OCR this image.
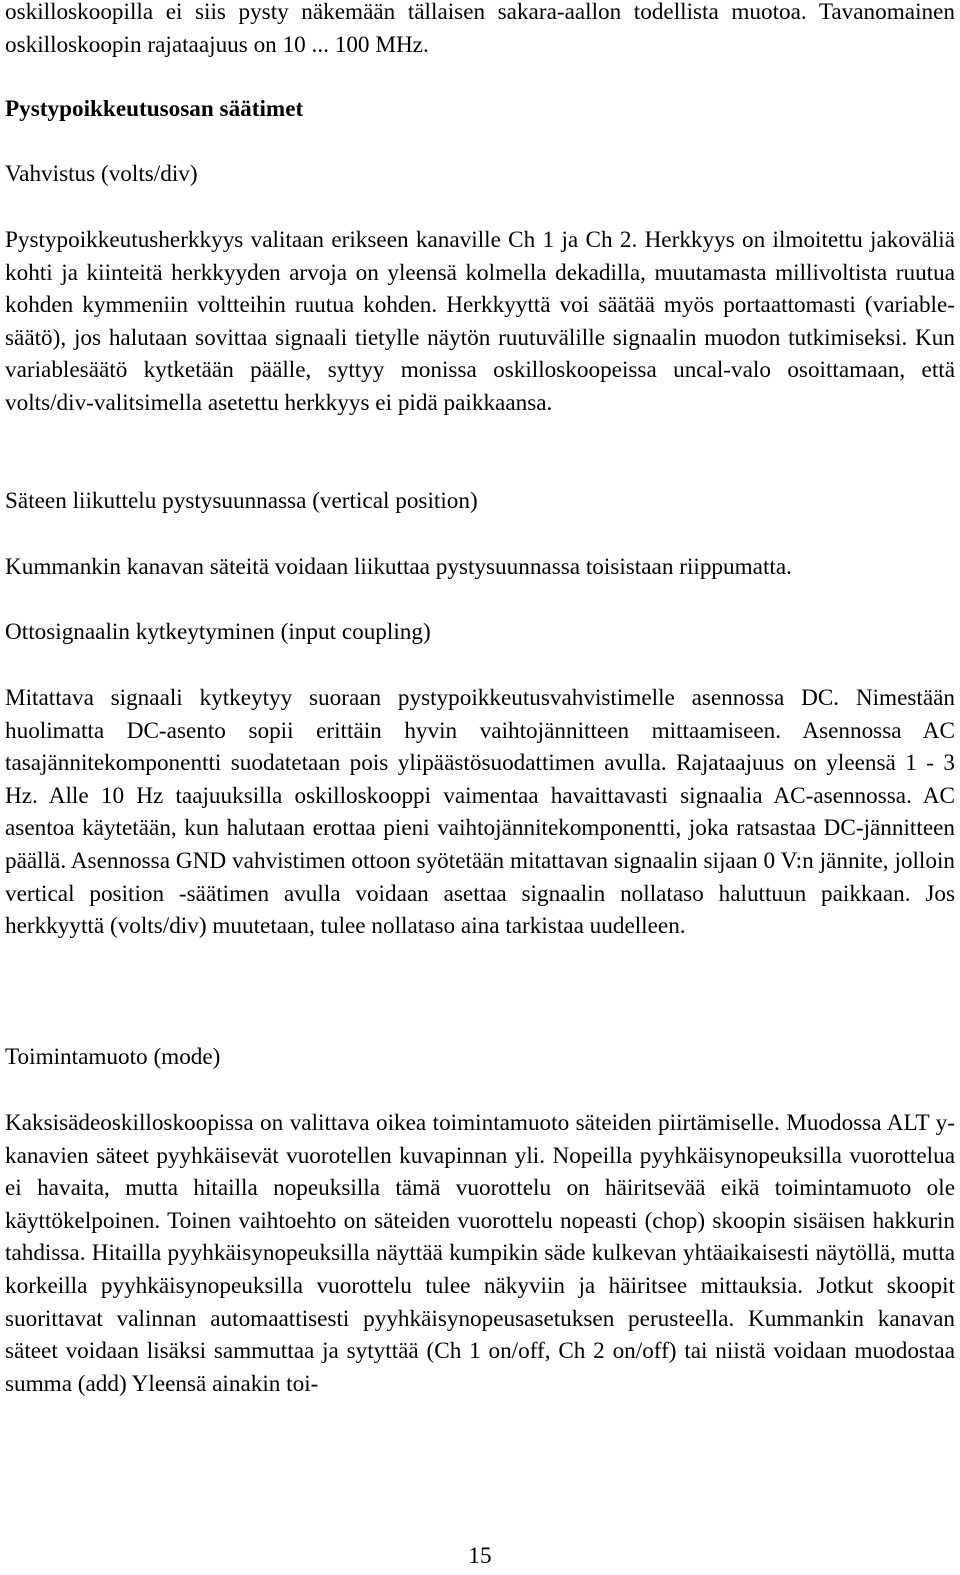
oskilloskoopilla ei siis pysty näkemään tällaisen sakara-aallon todellista muotoa. Tavanomainen oskilloskoopin rajataajuus on 10 ... 100 MHz.

Pystypoikkeutusosan säätimet

Vahvistus (volts/div)

Pystypoikkeutusherkkyys valitaan erikseen kanaville Ch 1 ja Ch 2. Herkkyys on ilmoitettu jakoväliä kohti ja kiinteitä herkkyyden arvoja on yleensä kolmella dekadilla, muutamasta millivoltista ruutua kohden kymmeniin voltteihin ruutua kohden. Herkkyyttä voi säätää myös portaattomasti (variable-säätö), jos halutaan sovittaa signaali tietylle näytön ruutuvälille signaalin muodon tutkimiseksi. Kun variablesäätö kytketään päälle, syttyy monissa oskilloskoopeissa uncal-valo osoittamaan, että volts/div-valitsimella asetettu herkkyys ei pidä paikkaansa.

Säteen liikuttelu pystysuunnassa (vertical position)

Kummankin kanavan säteitä voidaan liikuttaa pystysuunnassa toisistaan riippumatta.

Ottosignaalin kytkeytyminen (input coupling)

Mitattava signaali kytkeytyy suoraan pystypoikkeutusvahvistimelle asennossa DC. Nimestään huolimatta DC-asento sopii erittäin hyvin vaihtojännitteen mittaamiseen. Asennossa AC tasajännitekomponentti suodatetaan pois ylipäästösuodattimen avulla. Rajataajuus on yleensä 1 - 3 Hz. Alle 10 Hz taajuuksilla oskilloskooppi vaimentaa havaittavasti signaalia AC-asennossa. AC asentoa käytetään, kun halutaan erottaa pieni vaihtojännitekomponentti, joka ratsastaa DC-jännitteen päällä. Asennossa GND vahvistimen ottoon syötetään mitattavan signaalin sijaan 0 V:n jännite, jolloin vertical position -säätimen avulla voidaan asettaa signaalin nollataso haluttuun paikkaan. Jos herkkyyttä (volts/div) muutetaan, tulee nollataso aina tarkistaa uudelleen.

Toimintamuoto (mode)

Kaksisädeoskilloskoopissa on valittava oikea toimintamuoto säteiden piirtämiselle. Muodossa ALT y-kanavien säteet pyyhkäisevät vuorotellen kuvapinnan yli. Nopeilla pyyhkäisynopeuksilla vuorottelua ei havaita, mutta hitailla nopeuksilla tämä vuorottelu on häiritsevää eikä toimintamuoto ole käyttökelpoinen. Toinen vaihtoehto on säteiden vuorottelu nopeasti (chop) skoopin sisäisen hakkurin tahdissa. Hitailla pyyhkäisynopeuksilla näyttää kumpikin säde kulkevan yhtäaikaisesti näytöllä, mutta korkeilla pyyhkäisynopeuksilla vuorottelu tulee näkyviin ja häiritsee mittauksia. Jotkut skoopit suorittavat valinnan automaattisesti pyyhkäisynopeusasetuksen perusteella. Kummankin kanavan säteet voidaan lisäksi sammuttaa ja sytyttää (Ch 1 on/off, Ch 2 on/off) tai niistä voidaan muodostaa summa (add) Yleensä ainakin toi-

15
